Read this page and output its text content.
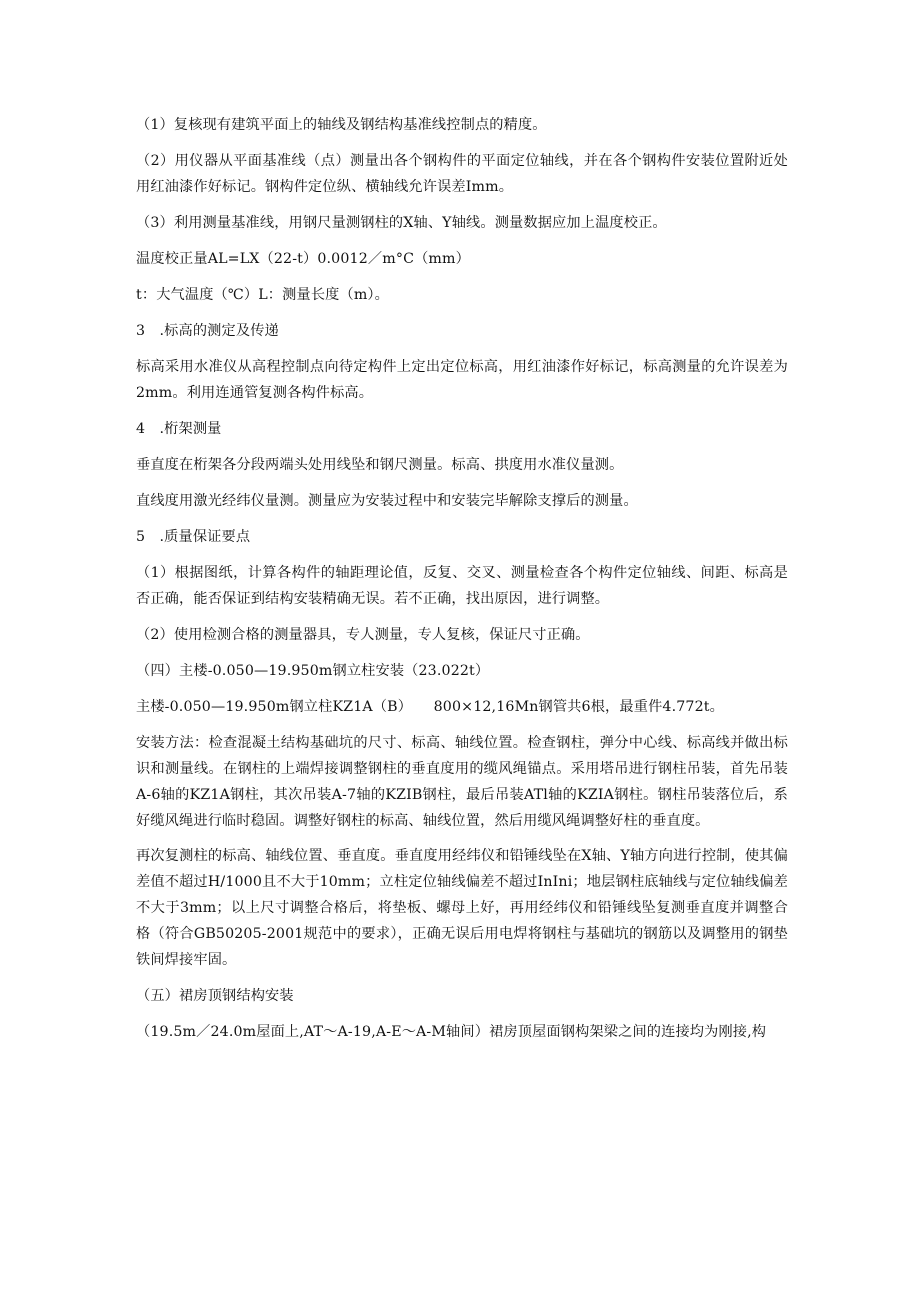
（1）复核现有建筑平面上的轴线及钢结构基准线控制点的精度。

（2）用仪器从平面基准线（点）测量出各个钢构件的平面定位轴线，并在各个钢构件安装位置附近处用红油漆作好标记。钢构件定位纵、横轴线允许误差Imm。

（3）利用测量基准线，用钢尺量测钢柱的X轴、Y轴线。测量数据应加上温度校正。

温度校正量AL=LX（22-t）0.0012／m°C（mm）

t：大气温度（℃）L：测量长度（m）。

3　.标高的测定及传递

标高采用水准仪从高程控制点向待定构件上定出定位标高，用红油漆作好标记，标高测量的允许误差为2mm。利用连通管复测各构件标高。

4　.桁架测量

垂直度在桁架各分段两端头处用线坠和钢尺测量。标高、拱度用水准仪量测。

直线度用激光经纬仪量测。测量应为安装过程中和安装完毕解除支撑后的测量。

5　.质量保证要点

（1）根据图纸，计算各构件的轴距理论值，反复、交叉、测量检查各个构件定位轴线、间距、标高是否正确，能否保证到结构安装精确无误。若不正确，找出原因，进行调整。

（2）使用检测合格的测量器具，专人测量，专人复核，保证尺寸正确。

（四）主楼-0.050—19.950m钢立柱安装（23.022t）

主楼-0.050—19.950m钢立柱KZ1A（B）　　800×12,16Mn钢管共6根，最重件4.772t。

安装方法：检查混凝土结构基础坑的尺寸、标高、轴线位置。检查钢柱，弹分中心线、标高线并做出标识和测量线。在钢柱的上端焊接调整钢柱的垂直度用的缆风绳锚点。采用塔吊进行钢柱吊装，首先吊装A-6轴的KZ1A钢柱，其次吊装A-7轴的KZIB钢柱，最后吊装ATl轴的KZIA钢柱。钢柱吊装落位后，系好缆风绳进行临时稳固。调整好钢柱的标高、轴线位置，然后用缆风绳调整好柱的垂直度。

再次复测柱的标高、轴线位置、垂直度。垂直度用经纬仪和铅锤线坠在X轴、Y轴方向进行控制，使其偏差值不超过H/1000且不大于10mm；立柱定位轴线偏差不超过InIni；地层钢柱底轴线与定位轴线偏差不大于3mm；以上尺寸调整合格后，将垫板、螺母上好，再用经纬仪和铅锤线坠复测垂直度并调整合格（符合GB50205-2001规范中的要求），正确无误后用电焊将钢柱与基础坑的钢筋以及调整用的钢垫铁间焊接牢固。

（五）裙房顶钢结构安装

（19.5m／24.0m屋面上,AT～A-19,A-E～A-M轴间）裙房顶屋面钢构架梁之间的连接均为刚接,构
